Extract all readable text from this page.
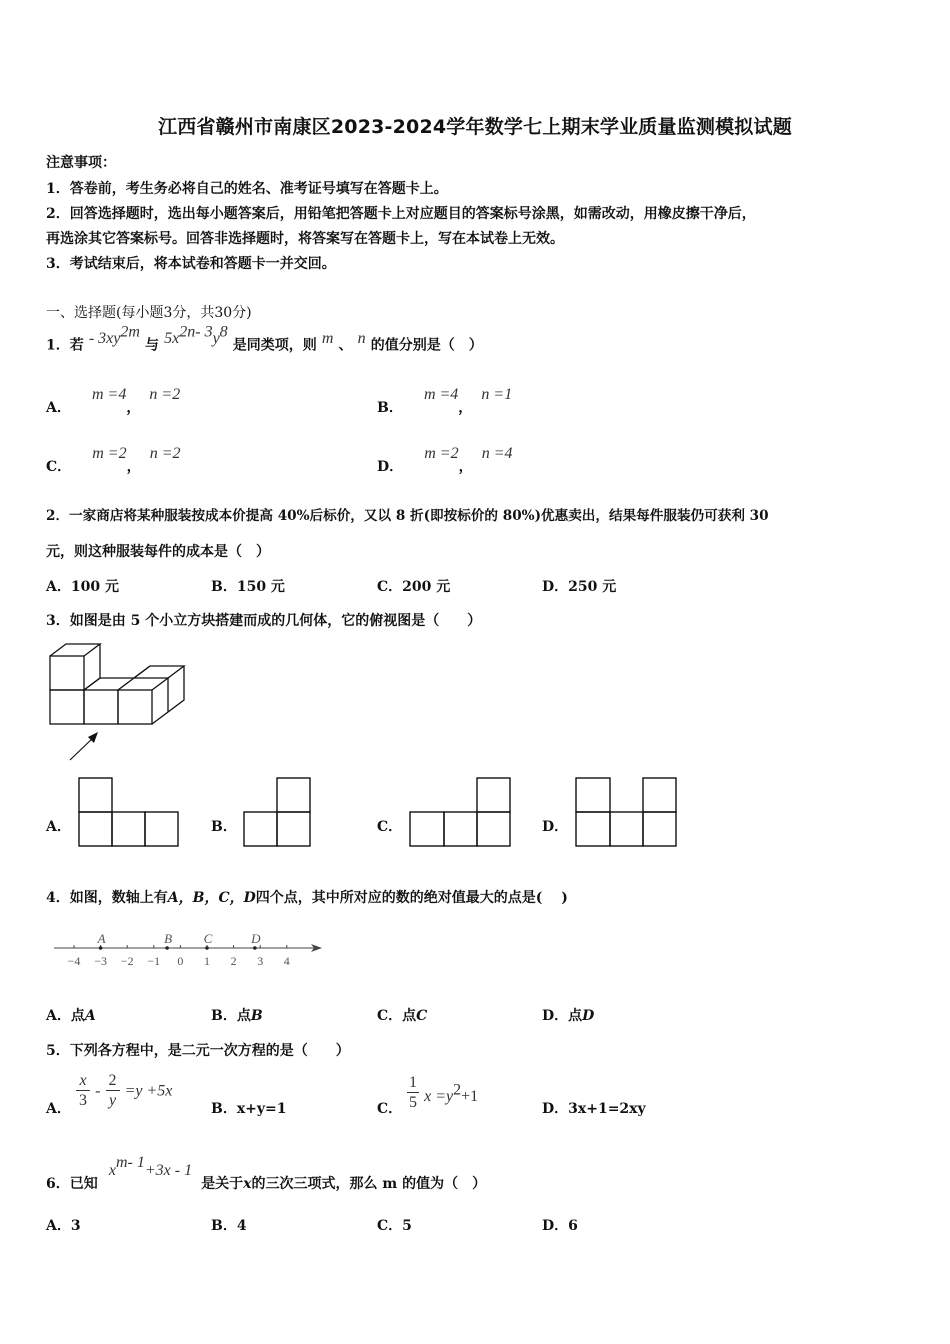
江西省赣州市南康区2023-2024学年数学七上期末学业质量监测模拟试题
注意事项：
1．答卷前，考生务必将自己的姓名、准考证号填写在答题卡上。
2．回答选择题时，选出每小题答案后，用铅笔把答题卡上对应题目的答案标号涂黑，如需改动，用橡皮擦干净后，
再选涂其它答案标号。回答非选择题时，将答案写在答题卡上，写在本试卷上无效。
3．考试结束后，将本试卷和答题卡一并交回。
一、选择题(每小题3分，共30分)
1．若 - $3xy^{2m}$ 与 $5x^{2n- 3}y^8$ 是同类项，则 m 、 n 的值分别是（　）
A． m =4， n =2
B． m =4， n =1
C． m =2， n =2
D． m =2， n =4
2．一家商店将某种服装按成本价提高 40%后标价，又以 8 折(即按标价的 80%)优惠卖出，结果每件服装仍可获利 30
元，则这种服装每件的成本是（　）
A．100 元	B．150 元	C．200 元	D．250 元
3．如图是由 5 个小立方块搭建而成的几何体，它的俯视图是（　　）
A．	B．	C．	D．
4．如图，数轴上有A，B，C，D四个点，其中所对应的数的绝对值最大的点是(　 )
−4 −3 −2 −1 0 1 2 3 4
A	B C	D
A．点A	B．点B	C．点C	D．点D
5．下列各方程中，是二元一次方程的是（　　）
A． $\frac{x}{3} - \frac{2}{y} =y +5x$
B．x+y=1	C． $\frac{1}{5}$ $x =y^2+1$
D．3x+1=2xy
6．已知 $x^{m- 1}+3x - 1$ 是关于x的三次三项式，那么 m 的值为（　）
A．3	B．4	C．5	D．6
